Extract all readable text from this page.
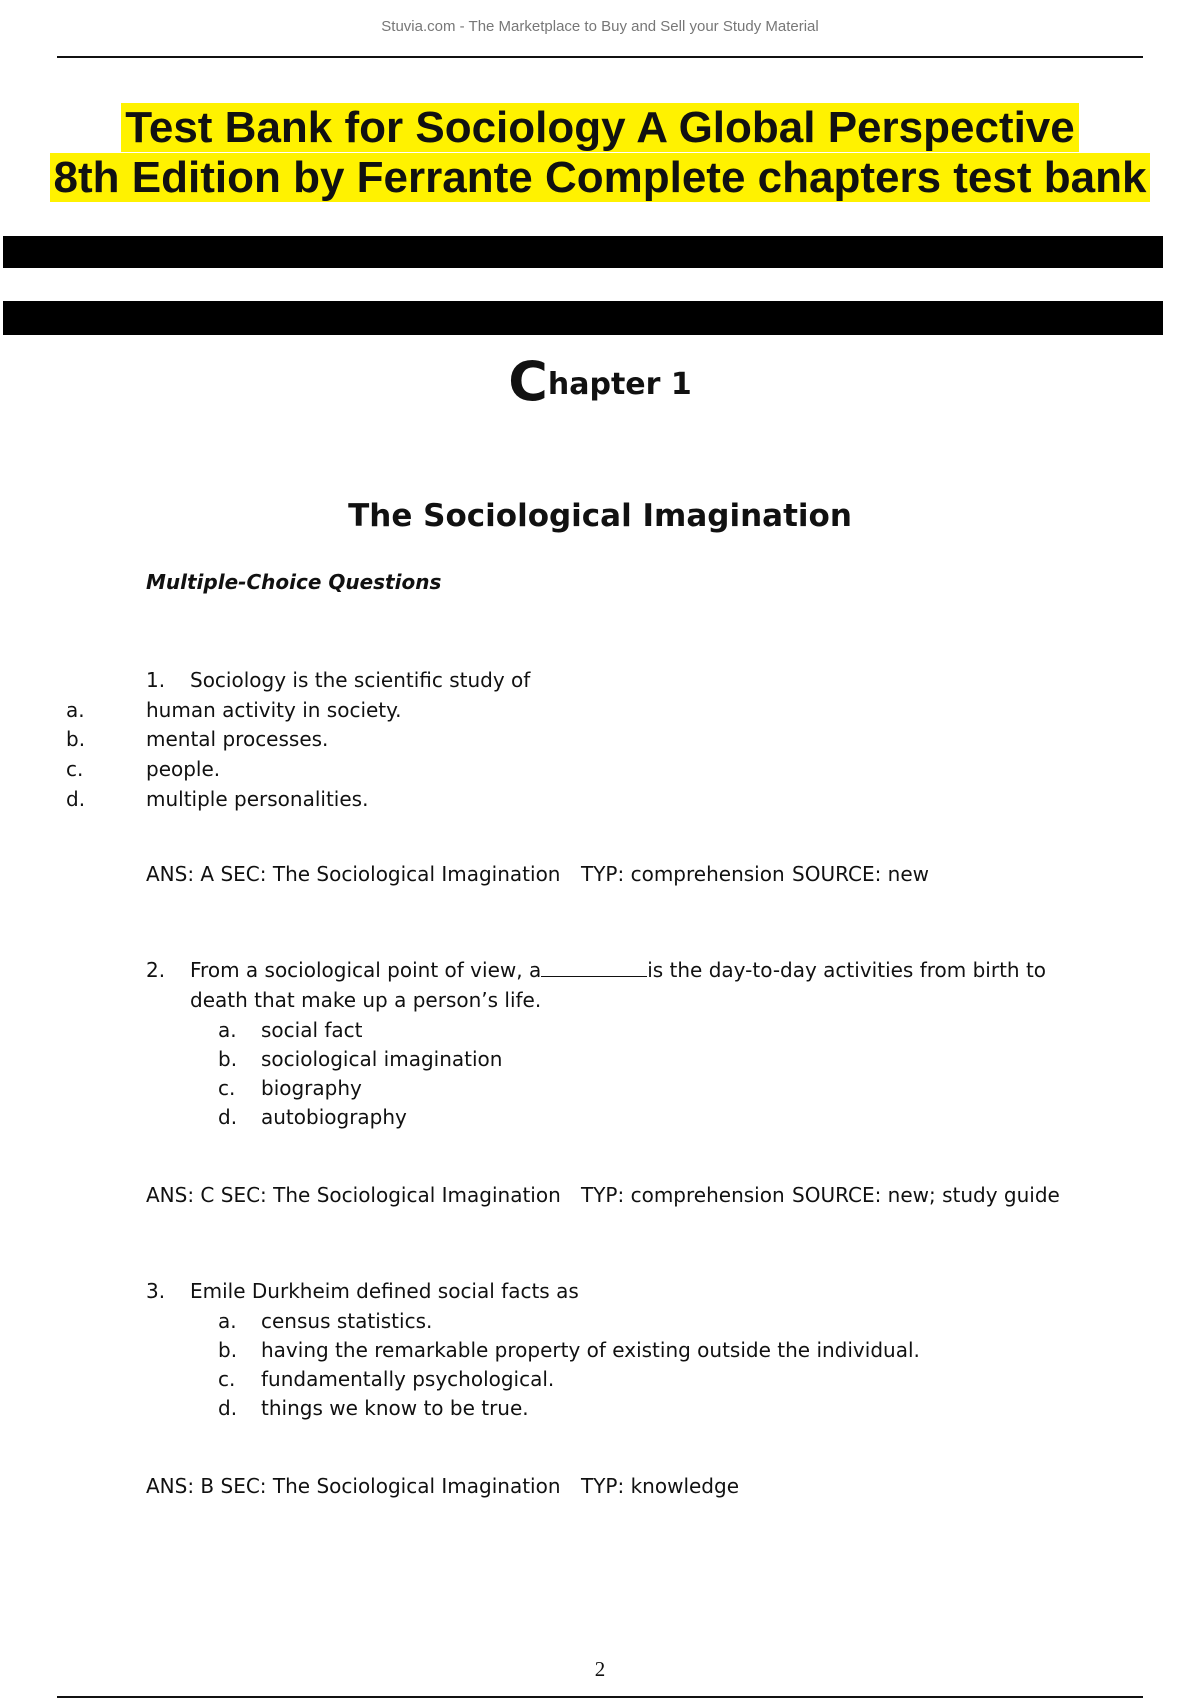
Stuvia.com - The Marketplace to Buy and Sell your Study Material
Test Bank for Sociology A Global Perspective
8th Edition by Ferrante Complete chapters test bank
Chapter 1
The Sociological Imagination
Multiple-Choice Questions
1. Sociology is the scientific study of
a.	human activity in society.
b.	mental processes.
c.	people.
d.	multiple personalities.
ANS: A SEC: The Sociological Imagination TYP: comprehension SOURCE: new
2. From a sociological point of view, a	is the day-to-day activities from birth to
death that make up a person’s life.
a. social fact
b. sociological imagination
c. biography
d. autobiography
ANS: C SEC: The Sociological Imagination TYP: comprehension SOURCE: new; study guide
3. Emile Durkheim defined social facts as
a. census statistics.
b. having the remarkable property of existing outside the individual.
c. fundamentally psychological.
d. things we know to be true.
ANS: B SEC: The Sociological Imagination TYP: knowledge
2
